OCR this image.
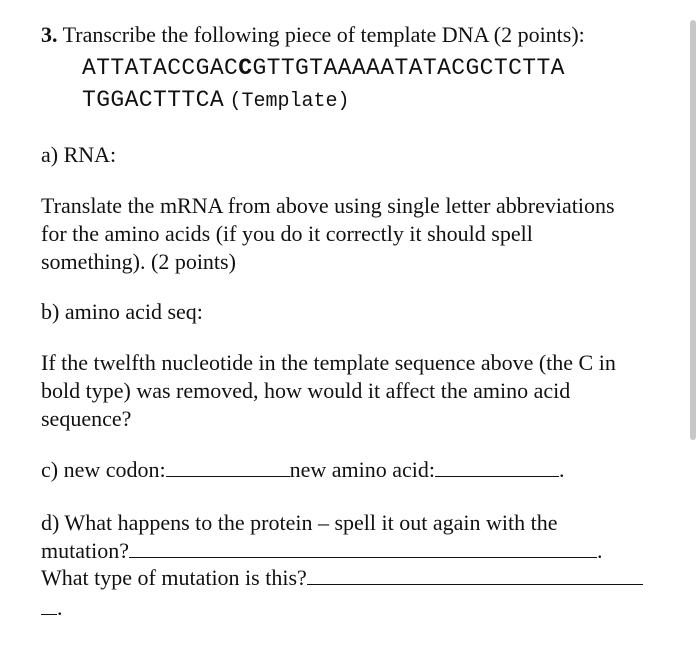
3. Transcribe the following piece of template DNA (2 points):
ATTATACCGACCGTTGTAAAAATATACGCTCTTA
TGGACTTTCA (Template)
a) RNA:
Translate the mRNA from above using single letter abbreviations
for the amino acids (if you do it correctly it should spell
something). (2 points)
b) amino acid seq:
If the twelfth nucleotide in the template sequence above (the C in
bold type) was removed, how would it affect the amino acid
sequence?
c) new codon:	new amino acid:	.
d) What happens to the protein – spell it out again with the
mutation?	.
What type of mutation is this?
.
